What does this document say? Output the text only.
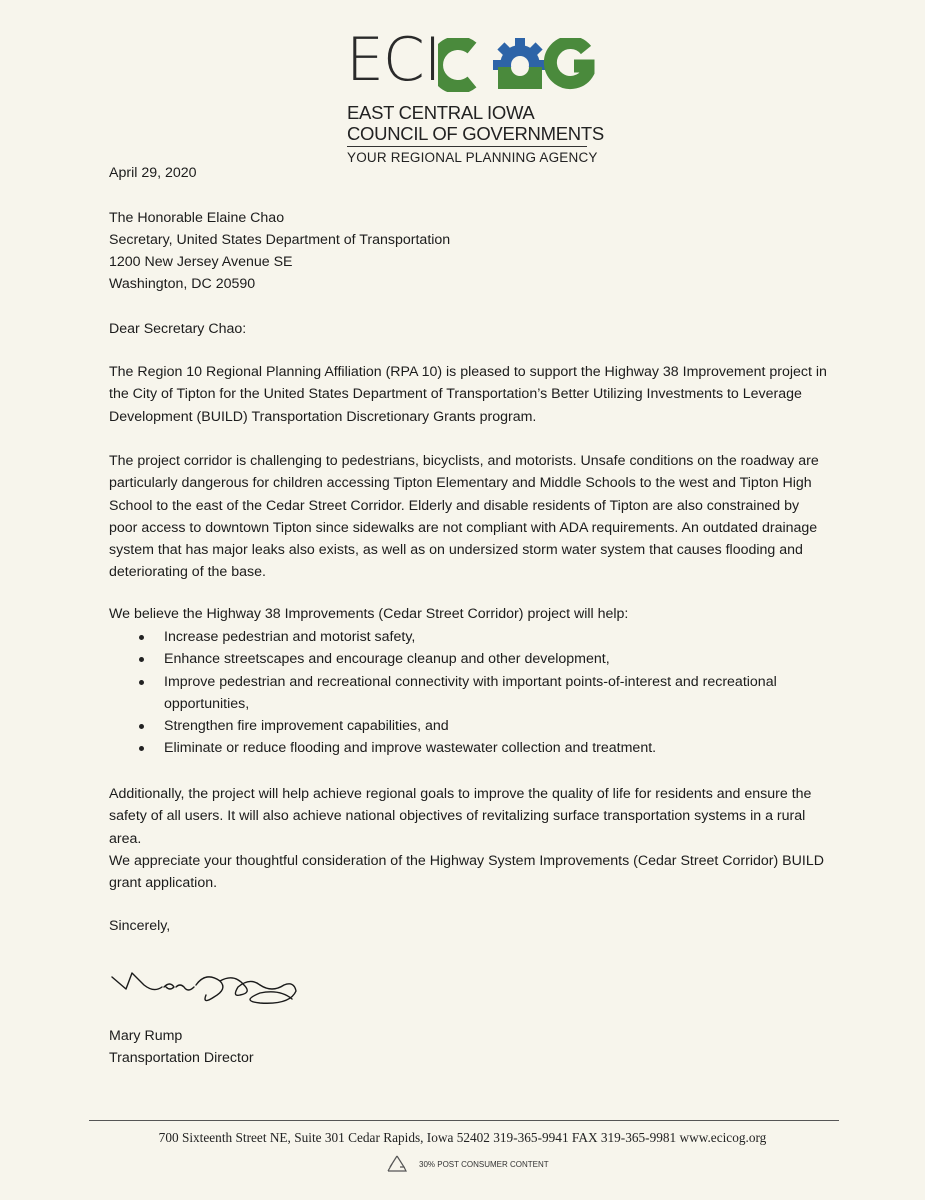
ECI
EAST CENTRAL IOWA
COUNCIL OF GOVERNMENTS
YOUR REGIONAL PLANNING AGENCY
April 29, 2020
The Honorable Elaine Chao
Secretary, United States Department of Transportation
1200 New Jersey Avenue SE
Washington, DC 20590
Dear Secretary Chao:
The Region 10 Regional Planning Affiliation (RPA 10) is pleased to support the Highway 38 Improvement project in the City of Tipton for the United States Department of Transportation’s Better Utilizing Investments to Leverage Development (BUILD) Transportation Discretionary Grants program.
The project corridor is challenging to pedestrians, bicyclists, and motorists. Unsafe conditions on the roadway are particularly dangerous for children accessing Tipton Elementary and Middle Schools to the west and Tipton High School to the east of the Cedar Street Corridor. Elderly and disable residents of Tipton are also constrained by poor access to downtown Tipton since sidewalks are not compliant with ADA requirements. An outdated drainage system that has major leaks also exists, as well as on undersized storm water system that causes flooding and deteriorating of the base.
We believe the Highway 38 Improvements (Cedar Street Corridor) project will help:
Increase pedestrian and motorist safety,
Enhance streetscapes and encourage cleanup and other development,
Improve pedestrian and recreational connectivity with important points-of-interest and recreational opportunities,
Strengthen fire improvement capabilities, and
Eliminate or reduce flooding and improve wastewater collection and treatment.
Additionally, the project will help achieve regional goals to improve the quality of life for residents and ensure the safety of all users. It will also achieve national objectives of revitalizing surface transportation systems in a rural area.
We appreciate your thoughtful consideration of the Highway System Improvements (Cedar Street Corridor) BUILD grant application.
Sincerely,
Mary Rump
Transportation Director
700 Sixteenth Street NE, Suite 301 Cedar Rapids, Iowa 52402 319-365-9941 FAX 319-365-9981 www.ecicog.org
30% POST CONSUMER CONTENT
